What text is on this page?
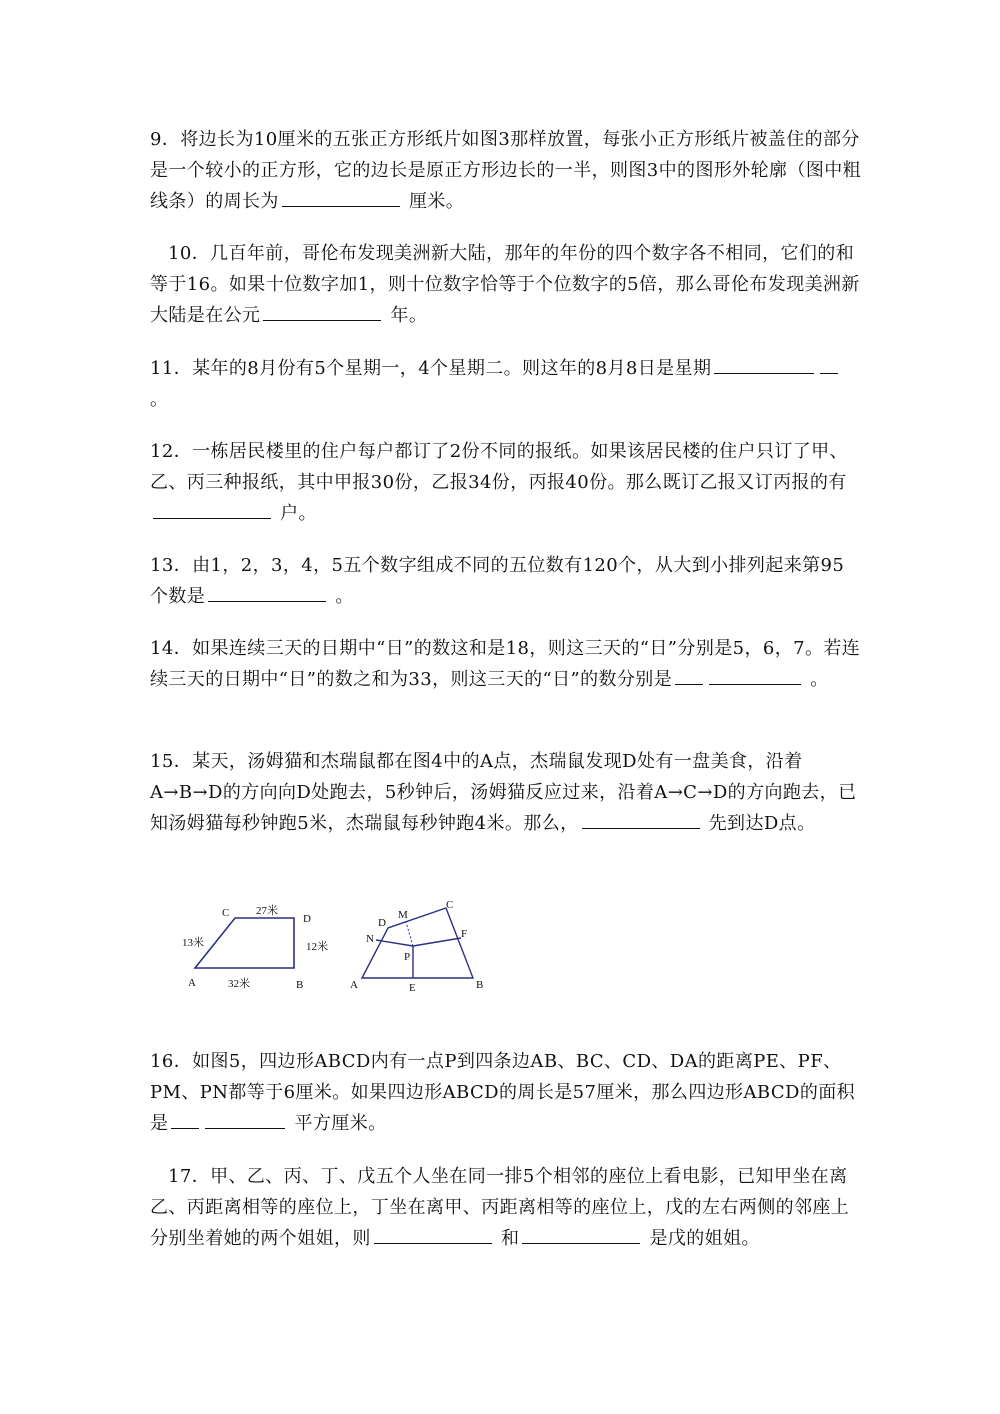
9．将边长为10厘米的五张正方形纸片如图3那样放置，每张小正方形纸片被盖住的部分是一个较小的正方形，它的边长是原正方形边长的一半，则图3中的图形外轮廓（图中粗线条）的周长为	厘米。

10．几百年前，哥伦布发现美洲新大陆，那年的年份的四个数字各不相同，它们的和等于16。如果十位数字加1，则十位数字恰等于个位数字的5倍，那么哥伦布发现美洲新大陆是在公元	年。

11．某年的8月份有5个星期一，4个星期二。则这年的8月8日是星期 。

12．一栋居民楼里的住户每户都订了2份不同的报纸。如果该居民楼的住户只订了甲、乙、丙三种报纸，其中甲报30份，乙报34份，丙报40份。那么既订乙报又订丙报的有 户。

13．由1，2，3，4，5五个数字组成不同的五位数有120个，从大到小排列起来第95个数是	。

14．如果连续三天的日期中“日”的数这和是18，则这三天的“日”分别是5，6，7。若连续三天的日期中“日”的数之和为33，则这三天的“日”的数分别是	。

15．某天，汤姆猫和杰瑞鼠都在图4中的A点，杰瑞鼠发现D处有一盘美食，沿着A→B→D的方向向D处跑去，5秒钟后，汤姆猫反应过来，沿着A→C→D的方向跑去，已知汤姆猫每秒钟跑5米，杰瑞鼠每秒钟跑4米。那么，	先到达D点。

C	D
A	B
27米
13米	12米
32米	A	B
C
D
M
N	F
P
E

16．如图5，四边形ABCD内有一点P到四条边AB、BC、CD、DA的距离PE、PF、PM、PN都等于6厘米。如果四边形ABCD的周长是57厘米，那么四边形ABCD的面积是	平方厘米。

17．甲、乙、丙、丁、戊五个人坐在同一排5个相邻的座位上看电影，已知甲坐在离乙、丙距离相等的座位上，丁坐在离甲、丙距离相等的座位上，戊的左右两侧的邻座上分别坐着她的两个姐姐，则	和	是戊的姐姐。
